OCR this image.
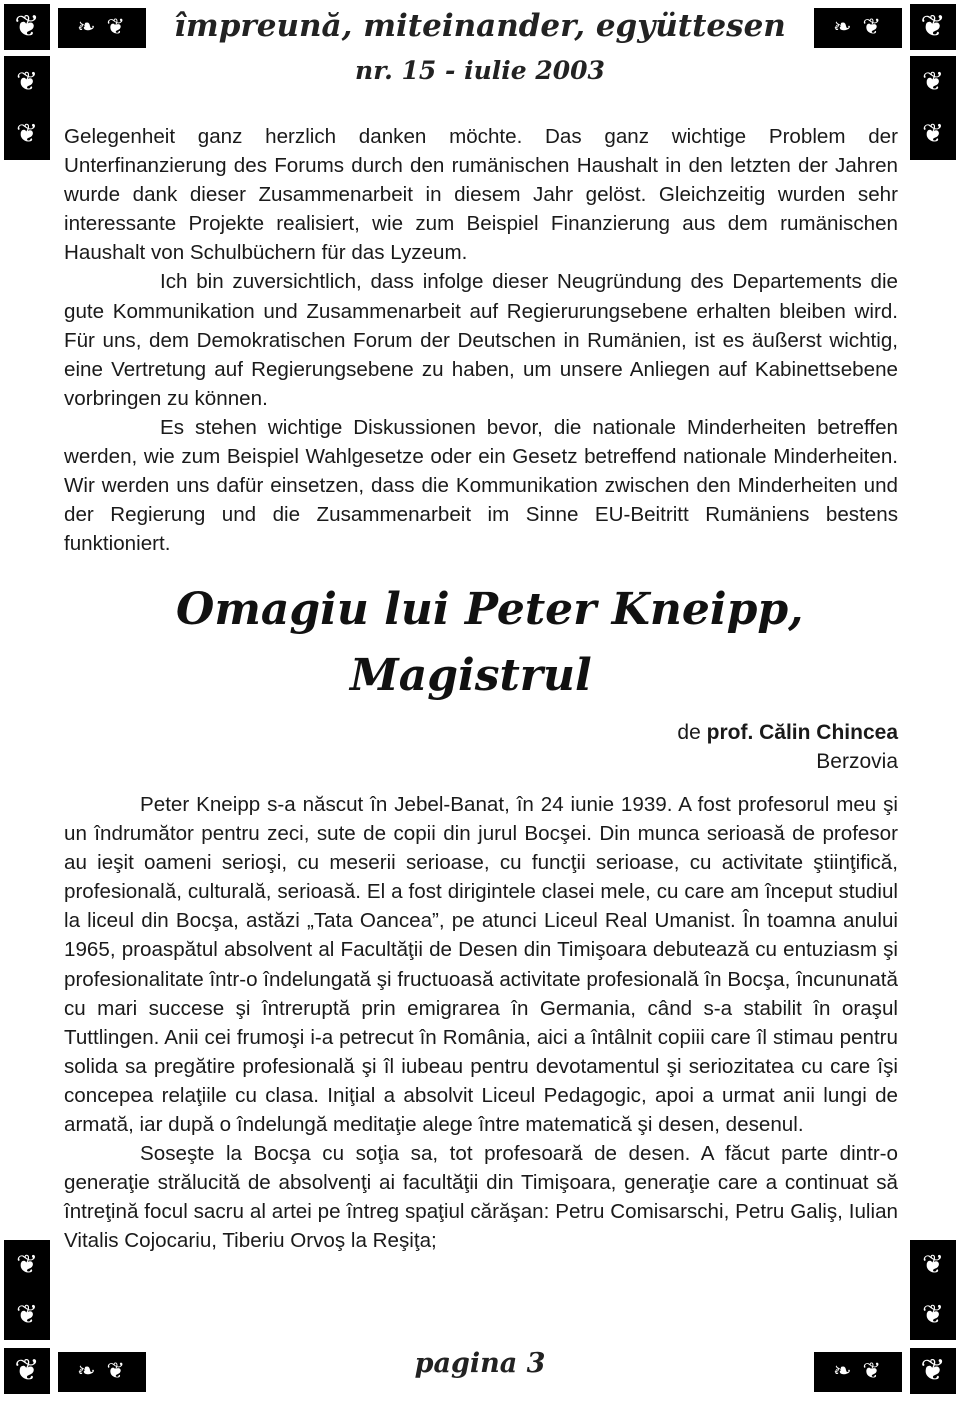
❦	❧ ❦
❦
❦
❦
❧ ❦
❦
❦
❦
❦
❦	❧ ❦
❦
❦
❦
❧ ❦
împreună, miteinander, együttesen
nr. 15 - iulie 2003

Gelegenheit ganz herzlich danken möchte. Das ganz wichtige Problem der Unterfinanzierung des Forums durch den rumänischen Haushalt in den letzten der Jahren wurde dank dieser Zusammenarbeit in diesem Jahr gelöst. Gleichzeitig wurden sehr interessante Projekte realisiert, wie zum Beispiel Finanzierung aus dem rumänischen Haushalt von Schulbüchern für das Lyzeum.

Ich bin zuversichtlich, dass infolge dieser Neugründung des Departements die gute Kommunikation und Zusammenarbeit auf Regierurungsebene erhalten bleiben wird. Für uns, dem Demokratischen Forum der Deutschen in Rumänien, ist es äußerst wichtig, eine Vertretung auf Regierungsebene zu haben, um unsere Anliegen auf Kabinettsebene vorbringen zu können.

Es stehen wichtige Diskussionen bevor, die nationale Minderheiten betreffen werden, wie zum Beispiel Wahlgesetze oder ein Gesetz betreffend nationale Minderheiten. Wir werden uns dafür einsetzen, dass die Kommunikation zwischen den Minderheiten und der Regierung und die Zusammenarbeit im Sinne EU-Beitritt Rumäniens bestens funktioniert.

Omagiu lui Peter Kneipp,
Magistrul
de prof. Călin Chincea
Berzovia

Peter Kneipp s-a născut în Jebel-Banat, în 24 iunie 1939. A fost profesorul meu şi un îndrumător pentru zeci, sute de copii din jurul Bocşei. Din munca serioasă de profesor au ieşit oameni serioşi, cu meserii serioase, cu funcţii serioase, cu activitate ştiinţifică, profesională, culturală, serioasă. El a fost dirigintele clasei mele, cu care am început studiul la liceul din Bocşa, astăzi „Tata Oancea”, pe atunci Liceul Real Umanist. În toamna anului 1965, proaspătul absolvent al Facultăţii de Desen din Timişoara debutează cu entuziasm şi profesionalitate într-o îndelungată şi fructuoasă activitate profesională în Bocşa, încununată cu mari succese şi întreruptă prin emigrarea în Germania, când s-a stabilit în oraşul Tuttlingen. Anii cei frumoşi i-a petrecut în România, aici a întâlnit copiii care îl stimau pentru solida sa pregătire profesională şi îl iubeau pentru devotamentul şi seriozitatea cu care îşi concepea relaţiile cu clasa. Iniţial a absolvit Liceul Pedagogic, apoi a urmat anii lungi de armată, iar după o îndelungă meditaţie alege între matematică şi desen, desenul.

Soseşte la Bocşa cu soţia sa, tot profesoară de desen. A făcut parte dintr-o generaţie strălucită de absolvenţi ai facultăţii din Timişoara, generaţie care a continuat să întreţină focul sacru al artei pe întreg spaţiul cărăşan: Petru Comisarschi, Petru Galiş, Iulian Vitalis Cojocariu, Tiberiu Orvoş la Reşiţa;

pagina 3
